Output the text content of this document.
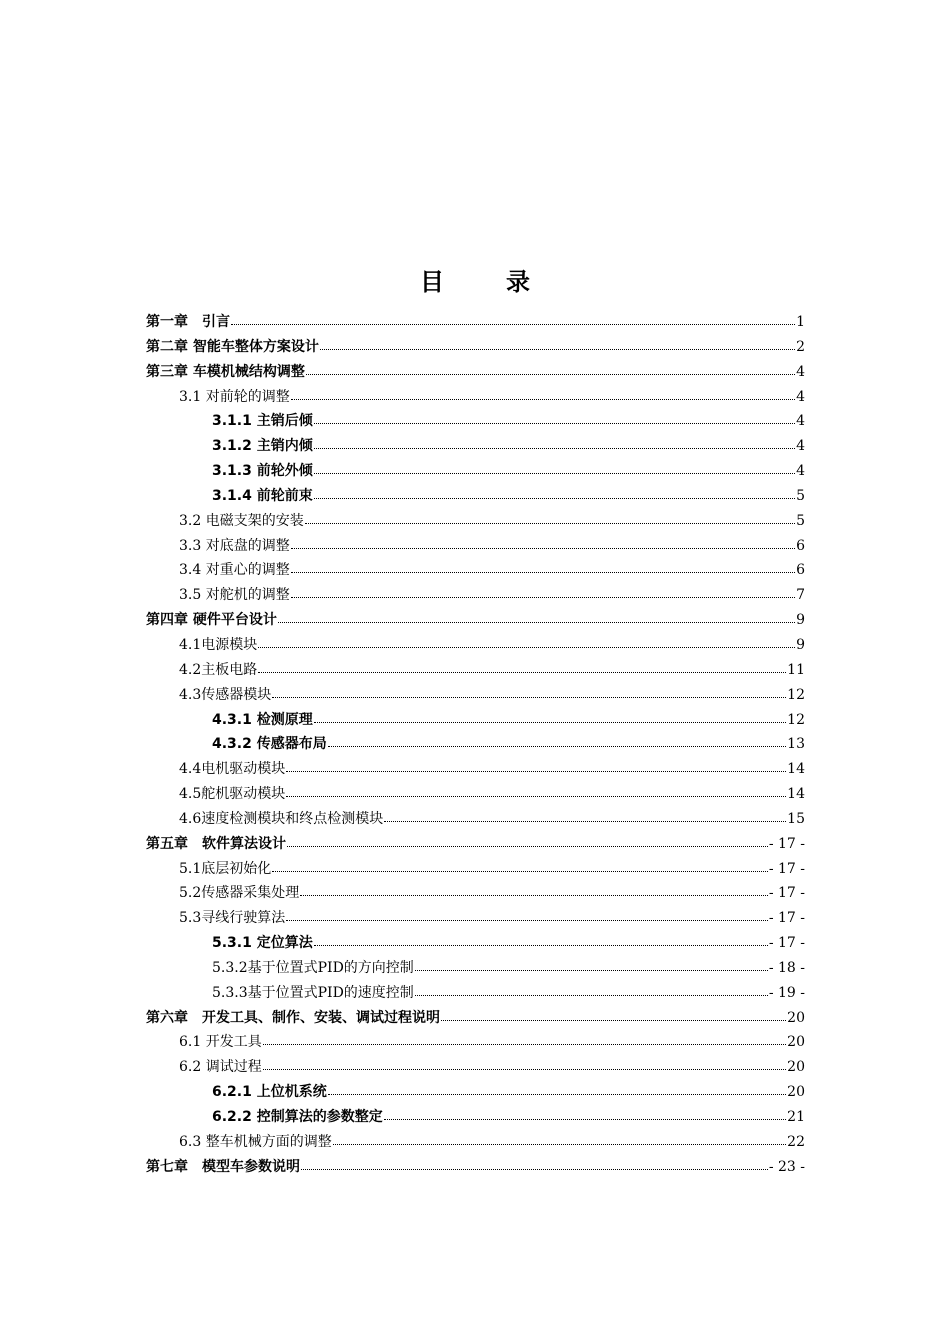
目	录
第一章　引言	1
第二章 智能车整体方案设计	2
第三章 车模机械结构调整	4
3.1 对前轮的调整	4
3.1.1 主销后倾	4
3.1.2 主销内倾	4
3.1.3 前轮外倾	4
3.1.4 前轮前束	5
3.2 电磁支架的安装	5
3.3 对底盘的调整	6
3.4 对重心的调整	6
3.5 对舵机的调整	7
第四章 硬件平台设计	9
4.1电源模块	9
4.2主板电路	11
4.3传感器模块	12
4.3.1 检测原理	12
4.3.2 传感器布局	13
4.4电机驱动模块	14
4.5舵机驱动模块	14
4.6速度检测模块和终点检测模块	15
第五章　软件算法设计	- 17 -
5.1底层初始化	- 17 -
5.2传感器采集处理	- 17 -
5.3寻线行驶算法	- 17 -
5.3.1 定位算法	- 17 -
5.3.2基于位置式PID的方向控制	- 18 -
5.3.3基于位置式PID的速度控制	- 19 -
第六章　开发工具、制作、安装、调试过程说明	20
6.1 开发工具	20
6.2 调试过程	20
6.2.1 上位机系统	20
6.2.2 控制算法的参数整定	21
6.3 整车机械方面的调整	22
第七章　模型车参数说明	- 23 -
